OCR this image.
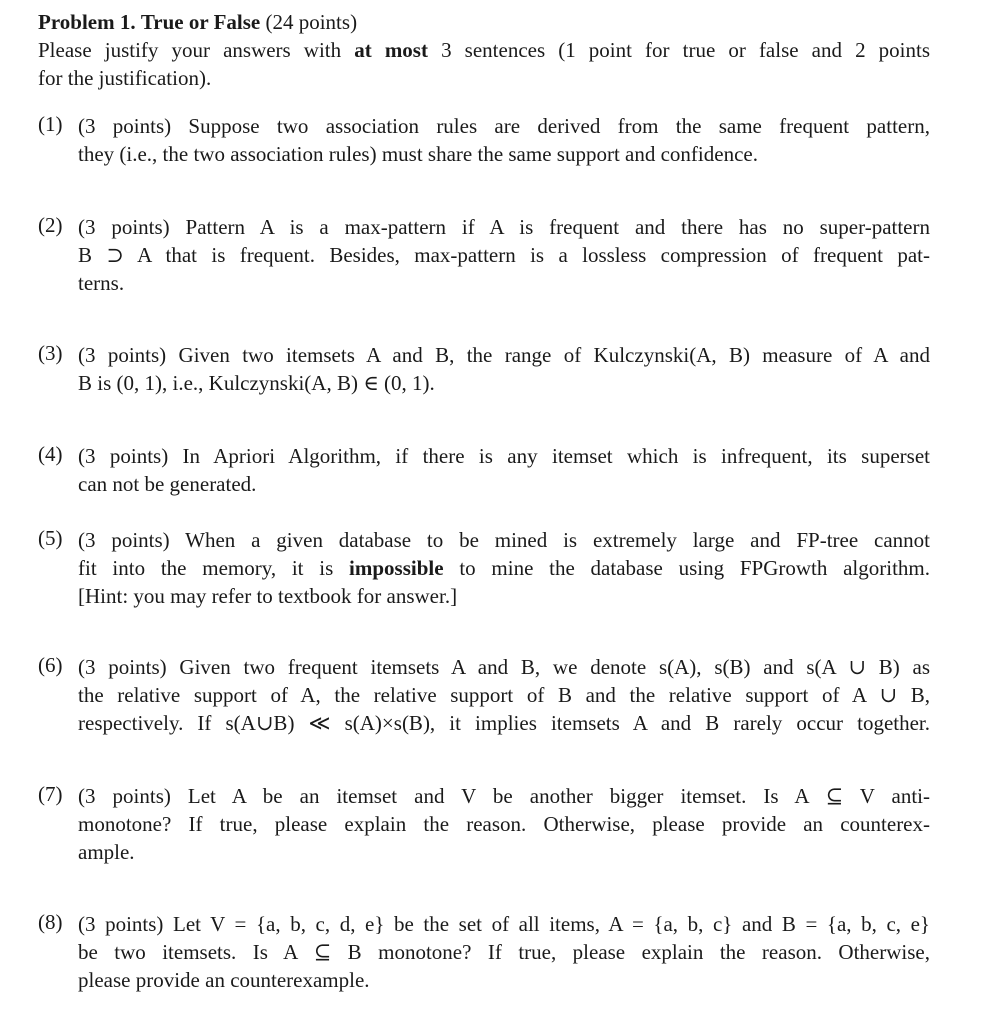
Problem 1. True or False (24 points)
Please justify your answers with at most 3 sentences (1 point for true or false and 2 points
for the justification).
(1) (3 points) Suppose two association rules are derived from the same frequent pattern,
they (i.e., the two association rules) must share the same support and confidence.
(2) (3 points) Pattern A is a max-pattern if A is frequent and there has no super-pattern
B ⊃ A that is frequent. Besides, max-pattern is a lossless compression of frequent pat-
terns.
(3) (3 points) Given two itemsets A and B, the range of Kulczynski(A, B) measure of A and
B is (0, 1), i.e., Kulczynski(A, B) ∈ (0, 1).
(4) (3 points) In Apriori Algorithm, if there is any itemset which is infrequent, its superset
can not be generated.
(5) (3 points) When a given database to be mined is extremely large and FP-tree cannot
fit into the memory, it is impossible to mine the database using FPGrowth algorithm.
[Hint: you may refer to textbook for answer.]
(6) (3 points) Given two frequent itemsets A and B, we denote s(A), s(B) and s(A ∪ B) as
the relative support of A, the relative support of B and the relative support of A ∪ B,
respectively. If s(A∪B) ≪ s(A)×s(B), it implies itemsets A and B rarely occur together.
(7) (3 points) Let A be an itemset and V be another bigger itemset. Is A ⊆ V anti-
monotone? If true, please explain the reason. Otherwise, please provide an counterex-
ample.
(8) (3 points) Let V = {a, b, c, d, e} be the set of all items, A = {a, b, c} and B = {a, b, c, e}
be two itemsets. Is A ⊆ B monotone? If true, please explain the reason. Otherwise,
please provide an counterexample.
